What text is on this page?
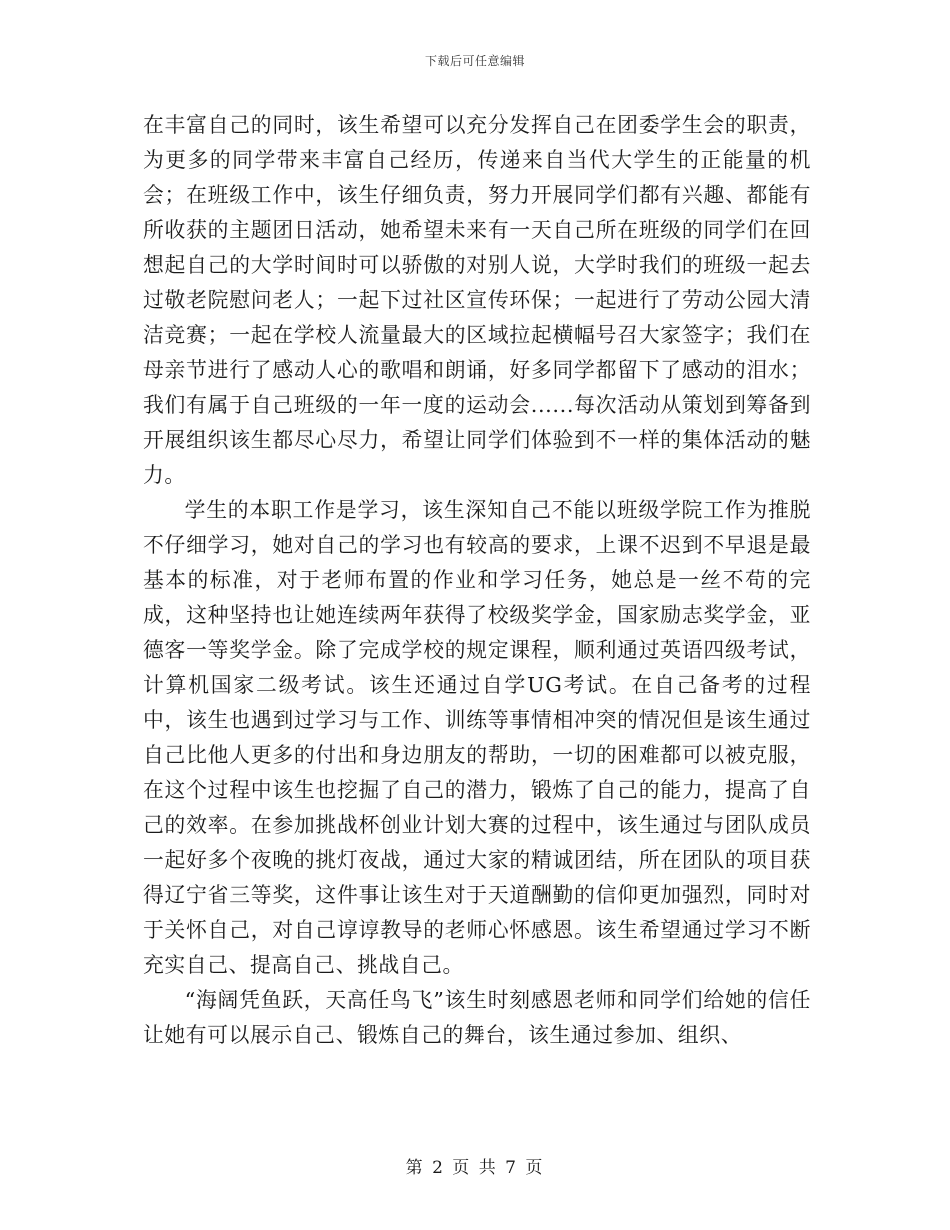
下载后可任意编辑

在丰富自己的同时，该生希望可以充分发挥自己在团委学生会的职责，为更多的同学带来丰富自己经历，传递来自当代大学生的正能量的机会；在班级工作中，该生仔细负责，努力开展同学们都有兴趣、都能有所收获的主题团日活动，她希望未来有一天自己所在班级的同学们在回想起自己的大学时间时可以骄傲的对别人说，大学时我们的班级一起去过敬老院慰问老人；一起下过社区宣传环保；一起进行了劳动公园大清洁竞赛；一起在学校人流量最大的区域拉起横幅号召大家签字；我们在母亲节进行了感动人心的歌唱和朗诵，好多同学都留下了感动的泪水；我们有属于自己班级的一年一度的运动会......每次活动从策划到筹备到开展组织该生都尽心尽力，希望让同学们体验到不一样的集体活动的魅力。

学生的本职工作是学习，该生深知自己不能以班级学院工作为推脱不仔细学习，她对自己的学习也有较高的要求，上课不迟到不早退是最基本的标准，对于老师布置的作业和学习任务，她总是一丝不苟的完成，这种坚持也让她连续两年获得了校级奖学金，国家励志奖学金，亚德客一等奖学金。除了完成学校的规定课程，顺利通过英语四级考试，计算机国家二级考试。该生还通过自学UG考试。在自己备考的过程中，该生也遇到过学习与工作、训练等事情相冲突的情况但是该生通过自己比他人更多的付出和身边朋友的帮助，一切的困难都可以被克服，在这个过程中该生也挖掘了自己的潜力，锻炼了自己的能力，提高了自己的效率。在参加挑战杯创业计划大赛的过程中，该生通过与团队成员一起好多个夜晚的挑灯夜战，通过大家的精诚团结，所在团队的项目获得辽宁省三等奖，这件事让该生对于天道酬勤的信仰更加强烈，同时对于关怀自己，对自己谆谆教导的老师心怀感恩。该生希望通过学习不断充实自己、提高自己、挑战自己。

“海阔凭鱼跃，天高任鸟飞”该生时刻感恩老师和同学们给她的信任让她有可以展示自己、锻炼自己的舞台，该生通过参加、组织、

第 2 页 共 7 页
